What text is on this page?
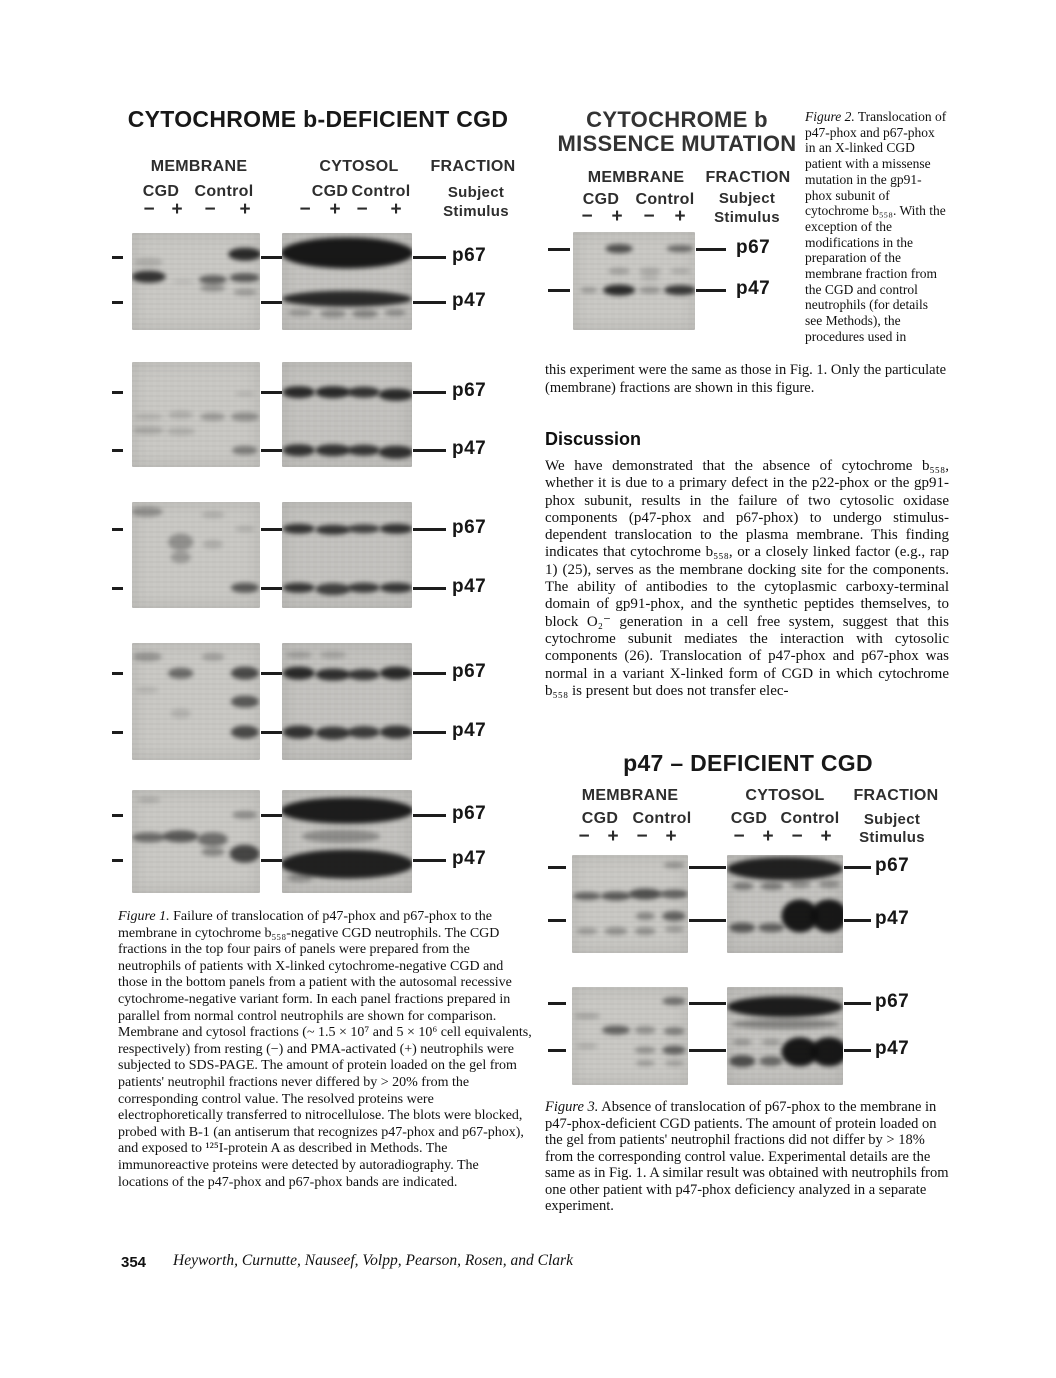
CYTOCHROME b-DEFICIENT CGD
MEMBRANE	CYTOSOL FRACTION
CGD Control	CGD Control Subject
Stimulus

Figure 1. Failure of translocation of p47-phox and p67-phox to the membrane in cytochrome b₅₅₈-negative CGD neutrophils. The CGD fractions in the top four pairs of panels were prepared from the neutrophils of patients with X-linked cytochrome-negative CGD and those in the bottom panels from a patient with the autosomal recessive cytochrome-negative variant form. In each panel fractions prepared in parallel from normal control neutrophils are shown for comparison. Membrane and cytosol fractions (~ 1.5 × 10⁷ and 5 × 10⁶ cell equivalents, respectively) from resting (−) and PMA-activated (+) neutrophils were subjected to SDS-PAGE. The amount of protein loaded on the gel from patients' neutrophil fractions never differed by > 20% from the corresponding control value. The resolved proteins were electrophoretically transferred to nitrocellulose. The blots were blocked, probed with B-1 (an antiserum that recognizes p47-phox and p67-phox), and exposed to ¹²⁵I-protein A as described in Methods. The immunoreactive proteins were detected by autoradiography. The locations of the p47-phox and p67-phox bands are indicated.

CYTOCHROME b
MISSENCE MUTATION
MEMBRANE FRACTION
CGD Control Subject
Stimulus

Figure 2. Translocation of p47-phox and p67-phox in an X-linked CGD patient with a missense mutation in the gp91-phox subunit of cytochrome b₅₅₈. With the exception of the modifications in the preparation of the membrane fraction from the CGD and control neutrophils (for details see Methods), the procedures used in

this experiment were the same as those in Fig. 1. Only the particulate (membrane) fractions are shown in this figure.

Discussion

We have demonstrated that the absence of cytochrome b₅₅₈, whether it is due to a primary defect in the p22-phox or the gp91-phox subunit, results in the failure of two cytosolic oxidase components (p47-phox and p67-phox) to undergo stimulus-dependent translocation to the plasma membrane. This finding indicates that cytochrome b₅₅₈, or a closely linked factor (e.g., rap 1) (25), serves as the membrane docking site for the components. The ability of antibodies to the cytoplasmic carboxy-terminal domain of gp91-phox, and the synthetic peptides themselves, to block O₂⁻ generation in a cell free system, suggest that this cytochrome subunit mediates the interaction with cytosolic components (26). Translocation of p47-phox and p67-phox was normal in a variant X-linked form of CGD in which cytochrome b₅₅₈ is present but does not transfer elec-

p47 – DEFICIENT CGD
MEMBRANE	CYTOSOL FRACTION
CGD Control CGD Control Subject
Stimulus

Figure 3. Absence of translocation of p67-phox to the membrane in p47-phox-deficient CGD patients. The amount of protein loaded on the gel from patients' neutrophil fractions did not differ by > 18% from the corresponding control value. Experimental details are the same as in Fig. 1. A similar result was obtained with neutrophils from one other patient with p47-phox deficiency analyzed in a separate experiment.

354 Heyworth, Curnutte, Nauseef, Volpp, Pearson, Rosen, and Clark
p67
p47
p67
p47
p67
p47
p67
p47
p67
p47
− + − +	− + − +
p67
p47
− + − +
p67
p47
p67
p47
− + − +	− + − +
